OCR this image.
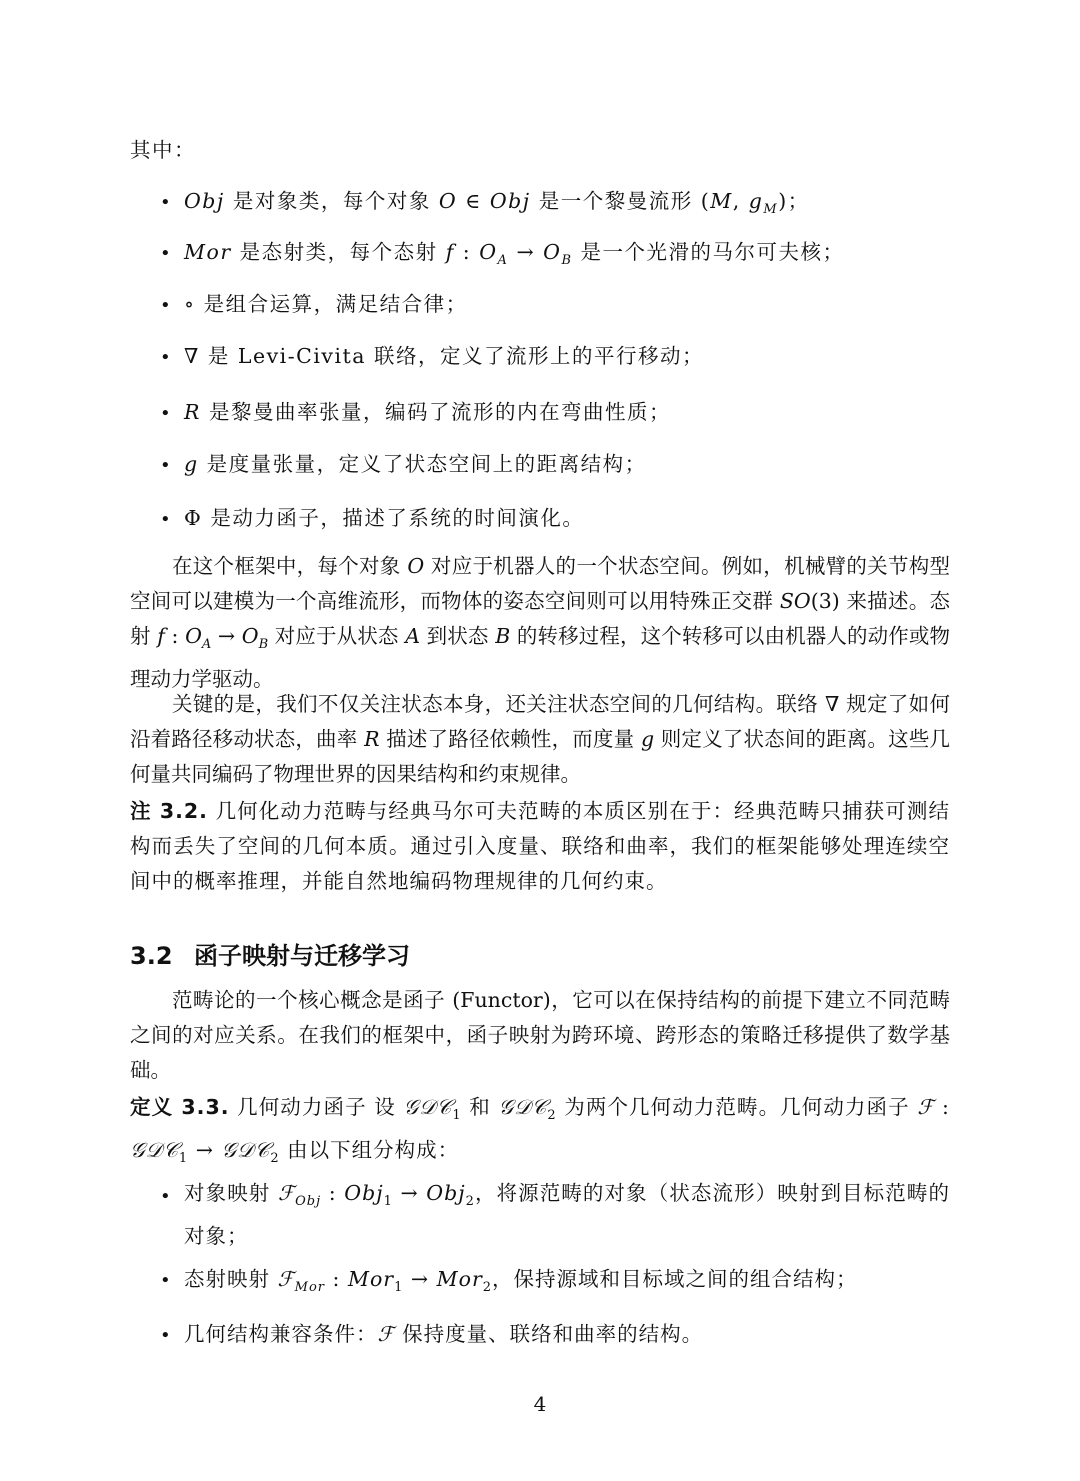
其中：
• Obj 是对象类，每个对象 O ∈ Obj 是一个黎曼流形 (M, $g_M$)；
• Mor 是态射类，每个态射 f : $O_A \to O_B$ 是一个光滑的马尔可夫核；
• ∘ 是组合运算，满足结合律；
• ∇ 是 Levi-Civita 联络，定义了流形上的平行移动；
• R 是黎曼曲率张量，编码了流形的内在弯曲性质；
• g 是度量张量，定义了状态空间上的距离结构；
• Φ 是动力函子，描述了系统的时间演化。
在这个框架中，每个对象 O 对应于机器人的一个状态空间。例如，机械臂的关节构型空间可以建模为一个高维流形，而物体的姿态空间则可以用特殊正交群 SO(3) 来描述。态射 f : $O_A \to O_B$ 对应于从状态 A 到状态 B 的转移过程，这个转移可以由机器人的动作或物理动力学驱动。
关键的是，我们不仅关注状态本身，还关注状态空间的几何结构。联络 ∇ 规定了如何沿着路径移动状态，曲率 R 描述了路径依赖性，而度量 g 则定义了状态间的距离。这些几何量共同编码了物理世界的因果结构和约束规律。
注 3.2. 几何化动力范畴与经典马尔可夫范畴的本质区别在于：经典范畴只捕获可测结构而丢失了空间的几何本质。通过引入度量、联络和曲率，我们的框架能够处理连续空间中的概率推理，并能自然地编码物理规律的几何约束。
3.2 函子映射与迁移学习
范畴论的一个核心概念是函子 (Functor)，它可以在保持结构的前提下建立不同范畴之间的对应关系。在我们的框架中，函子映射为跨环境、跨形态的策略迁移提供了数学基础。
定义 3.3. 几何动力函子 设 𝒢𝒟𝒞$_1$ 和 𝒢𝒟𝒞$_2$ 为两个几何动力范畴。几何动力函子 ℱ : 𝒢𝒟𝒞$_1$ → 𝒢𝒟𝒞$_2$ 由以下组分构成：
• 对象映射 ℱ$_{Obj}$ : Obj$_1$ → Obj$_2$，将源范畴的对象（状态流形）映射到目标范畴的对象；
• 态射映射 ℱ$_{Mor}$ : Mor$_1$ → Mor$_2$，保持源域和目标域之间的组合结构；
• 几何结构兼容条件：ℱ 保持度量、联络和曲率的结构。
4
